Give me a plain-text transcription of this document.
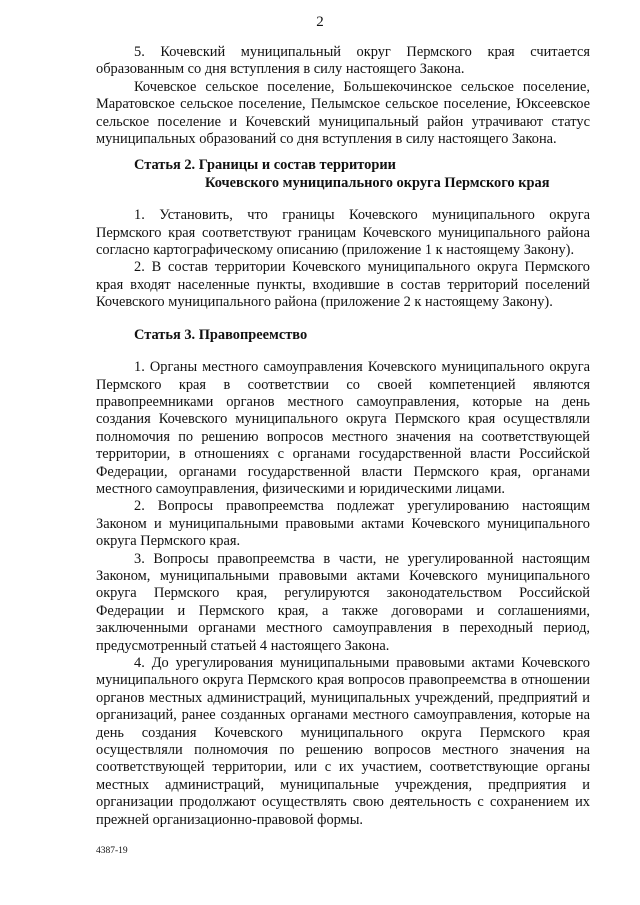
2

5. Кочевский муниципальный округ Пермского края считается образованным со дня вступления в силу настоящего Закона.

Кочевское сельское поселение, Большекочинское сельское поселение, Маратовское сельское поселение, Пелымское сельское поселение, Юксеевское сельское поселение и Кочевский муниципальный район утрачивают статус муниципальных образований со дня вступления в силу настоящего Закона.

Статья 2. Границы и состав территории
Кочевского муниципального округа Пермского края

1. Установить, что границы Кочевского муниципального округа Пермского края соответствуют границам Кочевского муниципального района согласно картографическому описанию (приложение 1 к настоящему Закону).

2. В состав территории Кочевского муниципального округа Пермского края входят населенные пункты, входившие в состав территорий поселений Кочевского муниципального района (приложение 2 к настоящему Закону).

Статья 3. Правопреемство

1. Органы местного самоуправления Кочевского муниципального округа Пермского края в соответствии со своей компетенцией являются правопреемниками органов местного самоуправления, которые на день создания Кочевского муниципального округа Пермского края осуществляли полномочия по решению вопросов местного значения на соответствующей территории, в отношениях с органами государственной власти Российской Федерации, органами государственной власти Пермского края, органами местного самоуправления, физическими и юридическими лицами.

2. Вопросы правопреемства подлежат урегулированию настоящим Законом и муниципальными правовыми актами Кочевского муниципального округа Пермского края.

3. Вопросы правопреемства в части, не урегулированной настоящим Законом, муниципальными правовыми актами Кочевского муниципального округа Пермского края, регулируются законодательством Российской Федерации и Пермского края, а также договорами и соглашениями, заключенными органами местного самоуправления в переходный период, предусмотренный статьей 4 настоящего Закона.

4. До урегулирования муниципальными правовыми актами Кочевского муниципального округа Пермского края вопросов правопреемства в отношении органов местных администраций, муниципальных учреждений, предприятий и организаций, ранее созданных органами местного самоуправления, которые на день создания Кочевского муниципального округа Пермского края осуществляли полномочия по решению вопросов местного значения на соответствующей территории, или с их участием, соответствующие органы местных администраций, муниципальные учреждения, предприятия и организации продолжают осуществлять свою деятельность с сохранением их прежней организационно-правовой формы.

4387-19
